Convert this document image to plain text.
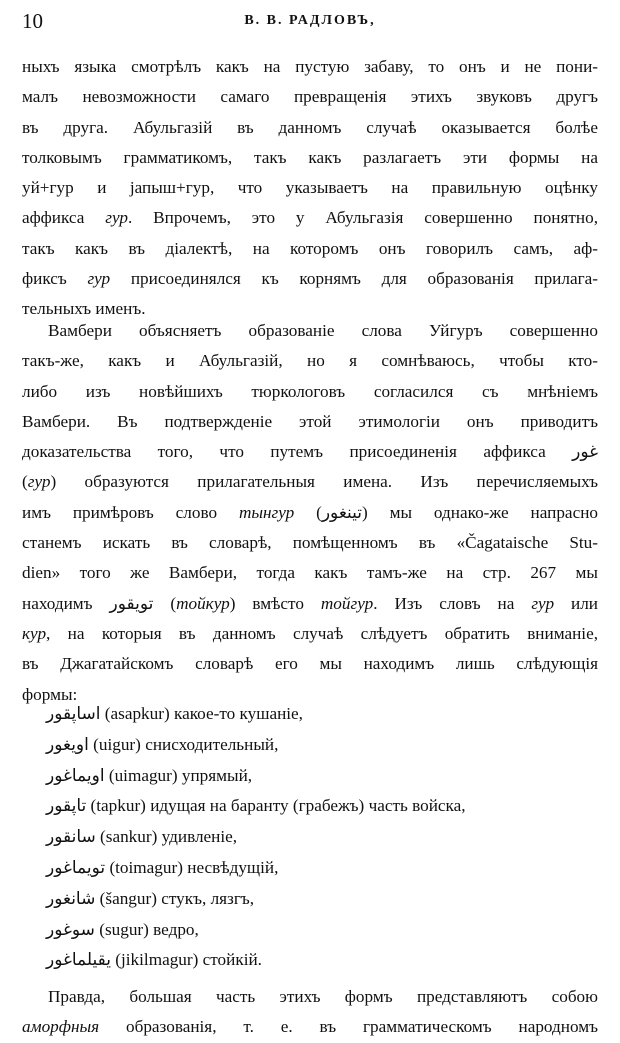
10	В. В. РАДЛОВЪ,
ныхъ языка смотрѣлъ какъ на пустую забаву, то онъ и не пони-
малъ невозможности самаго превращенія этихъ звуковъ другъ
въ друга. Абульгазій въ данномъ случаѣ оказывается болѣе
толковымъ грамматикомъ, такъ какъ разлагаетъ эти формы на
уй+гур и jапыш+гур, что указываетъ на правильную оцѣнку
аффикса гур. Впрочемъ, это у Абульгазія совершенно понятно,
такъ какъ въ діалектѣ, на которомъ онъ говорилъ самъ, аф-
фиксъ гур присоединялся къ корнямъ для образованія прилага-
тельныхъ именъ.
Вамбери объясняетъ образованіе слова Уйгуръ совершенно
такъ-же, какъ и Абульгазій, но я сомнѣваюсь, чтобы кто-
либо изъ новѣйшихъ тюркологовъ согласился съ мнѣніемъ
Вамбери. Въ подтвержденіе этой этимологіи онъ приводитъ
доказательства того, что путемъ присоединенія аффикса غور
(гур) образуются прилагательныя имена. Изъ перечисляемыхъ
имъ примѣровъ слово тынгур (تينغور) мы однако-же напрасно
станемъ искать въ словарѣ, помѣщенномъ въ «Čagataische Stu-
dien» того же Вамбери, тогда какъ тамъ-же на стр. 267 мы
находимъ تويقور (тойкур) вмѣсто тойгур. Изъ словъ на гур или
кур, на которыя въ данномъ случаѣ слѣдуетъ обратить вниманіе,
въ Джагатайскомъ словарѣ его мы находимъ лишь слѣдующія
формы:
اساپقور (asapkur) какое-то кушаніе,
اويغور (uigur) снисходительный,
اويماغور (uimagur) упрямый,
تاپقور (tapkur) идущая на баранту (грабежъ) часть войска,
سانقور (sankur) удивленіе,
تويماغور (toimagur) несвѣдущій,
شانغور (šangur) стукъ, лязгъ,
سوغور (sugur) ведро,
يقيلماغور (jikilmagur) стойкій.
Правда, большая часть этихъ формъ представляютъ собою
аморфныя образованія, т. е. въ грамматическомъ народномъ
